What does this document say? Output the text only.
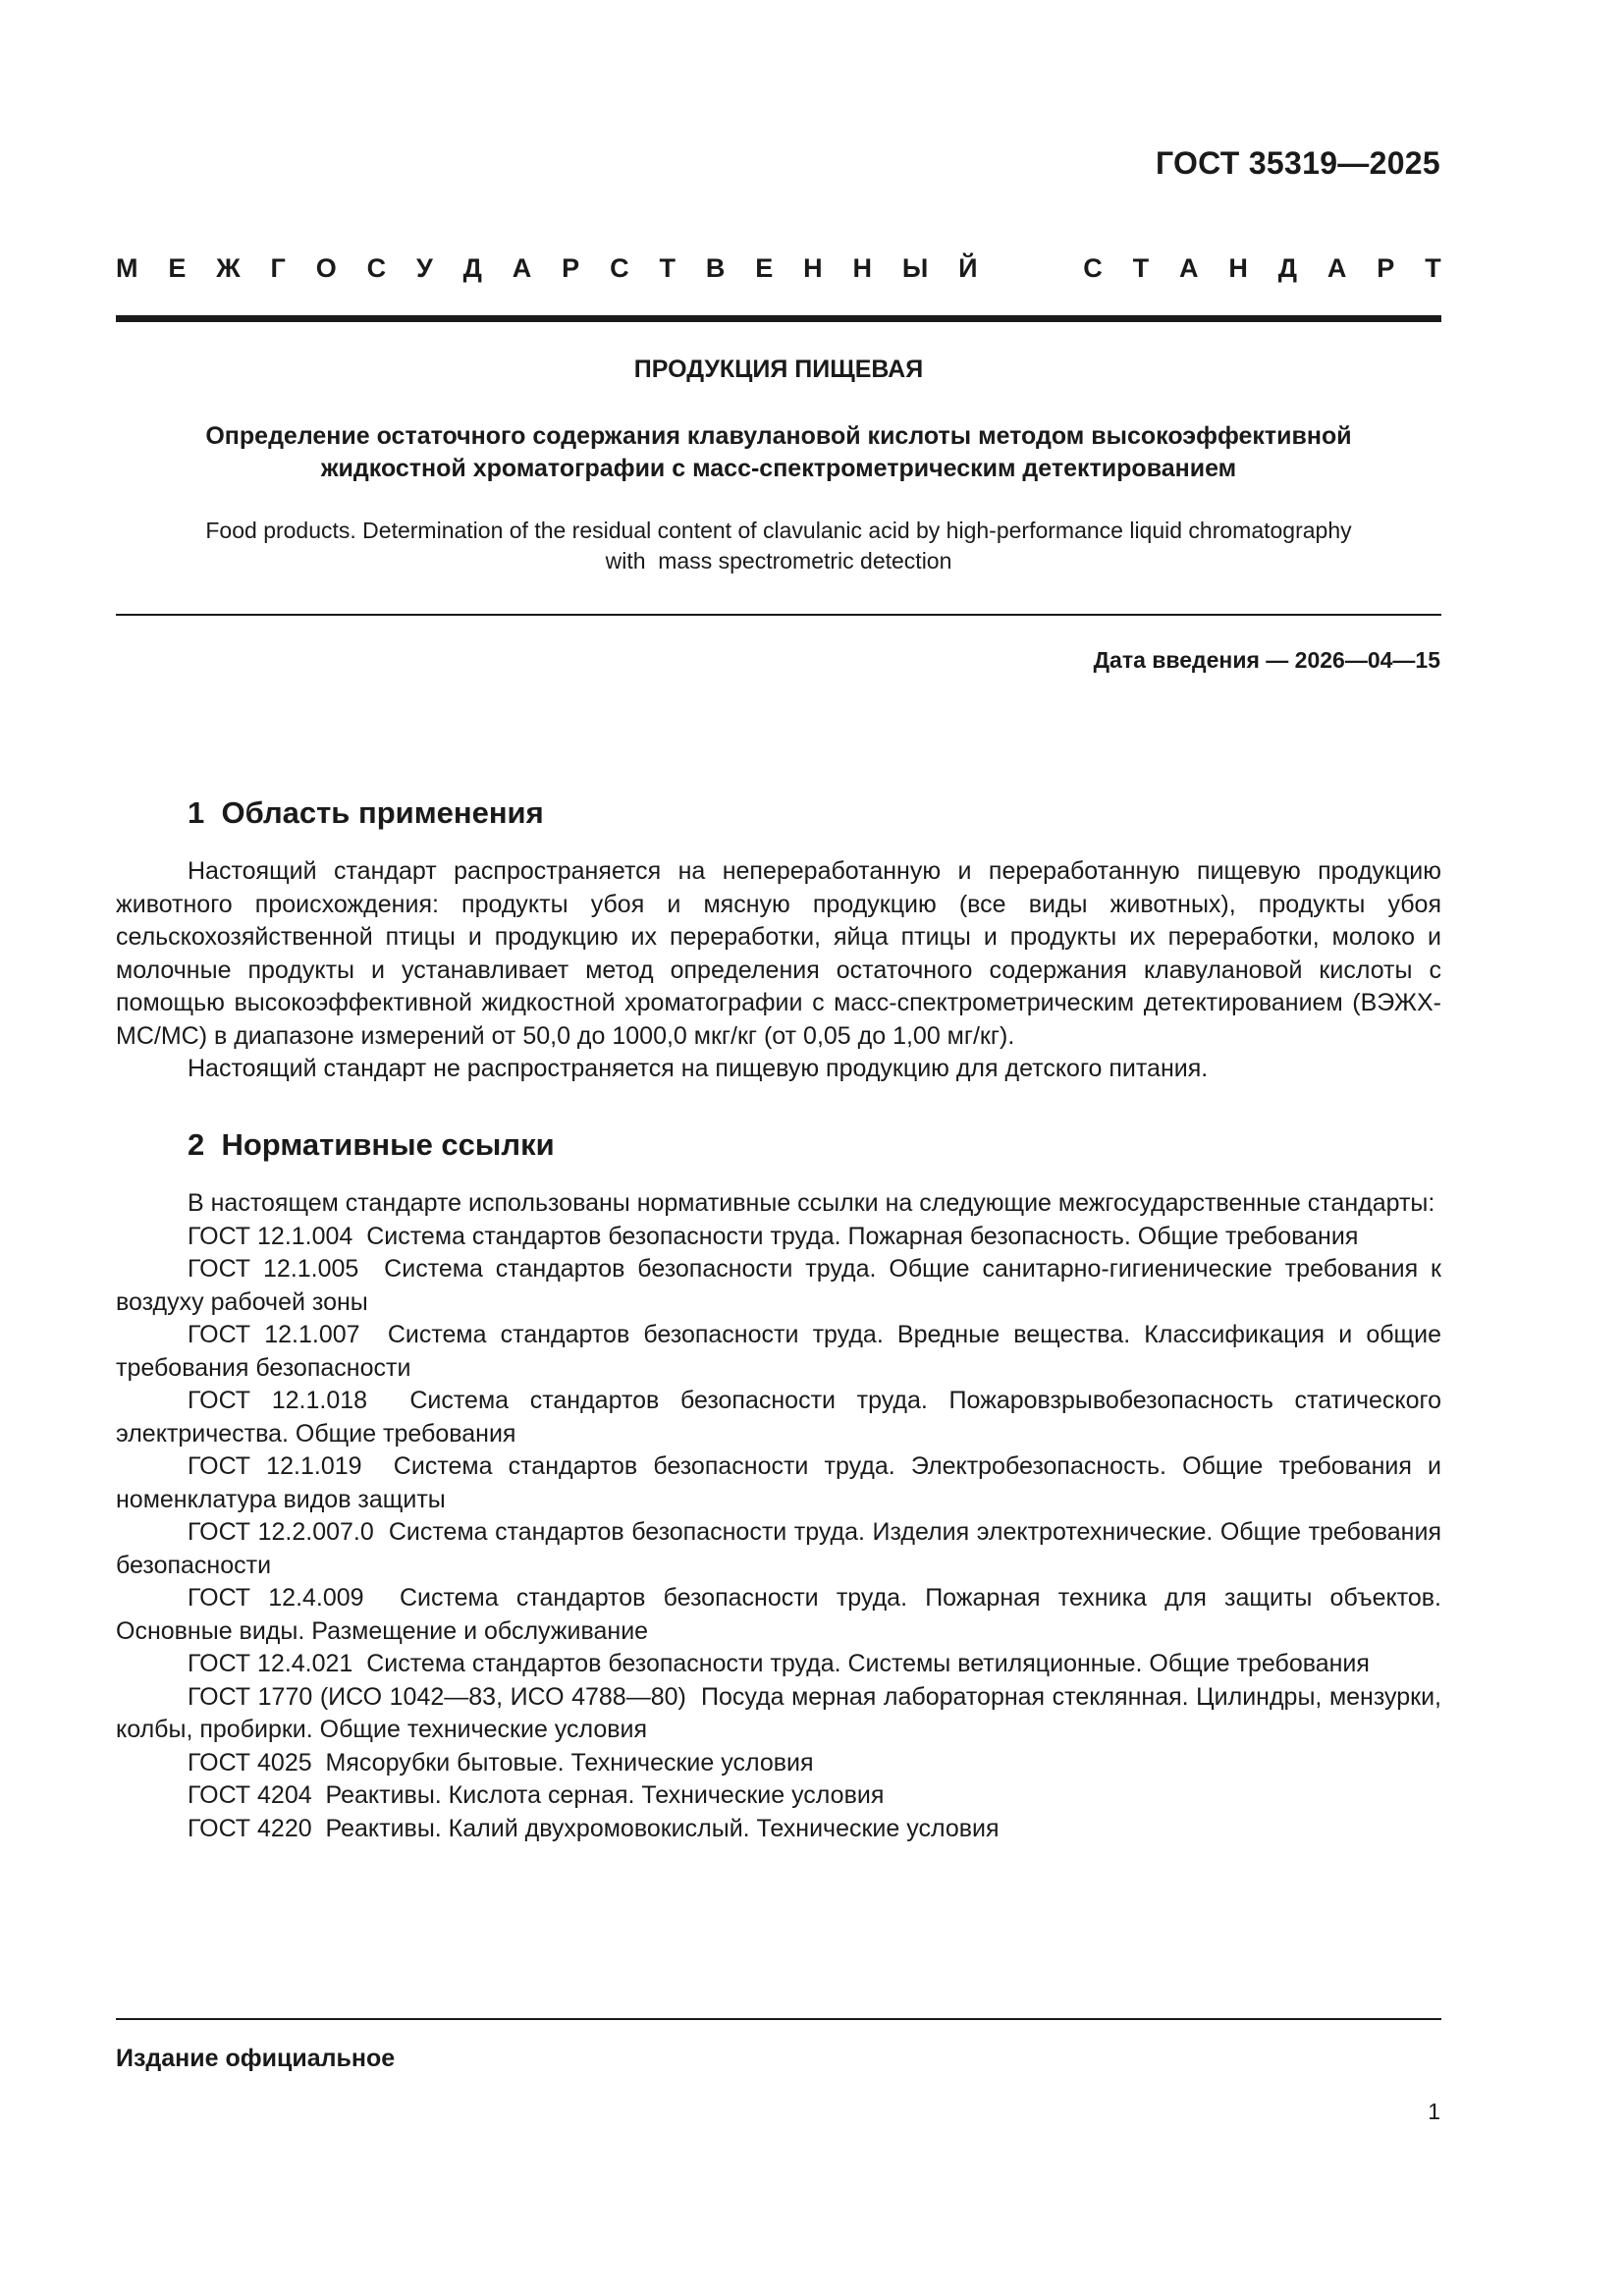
ГОСТ 35319—2025
М Е Ж Г О С У Д А Р С Т В Е Н Н Ы Й	С Т А Н Д А Р Т
ПРОДУКЦИЯ ПИЩЕВАЯ
Определение остаточного содержания клавулановой кислоты методом высокоэффективной
жидкостной хроматографии с масс-спектрометрическим детектированием
Food products. Determination of the residual content of clavulanic acid by high-performance liquid chromatography
with  mass spectrometric detection
Дата введения — 2026—04—15
1  Область применения

Настоящий стандарт распространяется на непереработанную и переработанную пищевую продукцию животного происхождения: продукты убоя и мясную продукцию (все виды животных), продукты убоя сельскохозяйственной птицы и продукцию их переработки, яйца птицы и продукты их переработки, молоко и молочные продукты и устанавливает метод определения остаточного содержания клавулановой кислоты с помощью высокоэффективной жидкостной хроматографии с масс-спектрометрическим детектированием (ВЭЖХ-МС/МС) в диапазоне измерений от 50,0 до 1000,0 мкг/кг (от 0,05 до 1,00 мг/кг).

Настоящий стандарт не распространяется на пищевую продукцию для детского питания.

2  Нормативные ссылки

В настоящем стандарте использованы нормативные ссылки на следующие межгосударственные стандарты:

ГОСТ 12.1.004  Система стандартов безопасности труда. Пожарная безопасность. Общие требования

ГОСТ 12.1.005  Система стандартов безопасности труда. Общие санитарно-гигиенические требования к воздуху рабочей зоны

ГОСТ 12.1.007  Система стандартов безопасности труда. Вредные вещества. Классификация и общие требования безопасности

ГОСТ 12.1.018  Система стандартов безопасности труда. Пожаровзрывобезопасность статического электричества. Общие требования

ГОСТ 12.1.019  Система стандартов безопасности труда. Электробезопасность. Общие требования и номенклатура видов защиты

ГОСТ 12.2.007.0  Система стандартов безопасности труда. Изделия электротехнические. Общие требования безопасности

ГОСТ 12.4.009  Система стандартов безопасности труда. Пожарная техника для защиты объектов. Основные виды. Размещение и обслуживание

ГОСТ 12.4.021  Система стандартов безопасности труда. Системы ветиляционные. Общие требования

ГОСТ 1770 (ИСО 1042—83, ИСО 4788—80)  Посуда мерная лабораторная стеклянная. Цилиндры, мензурки, колбы, пробирки. Общие технические условия

ГОСТ 4025  Мясорубки бытовые. Технические условия

ГОСТ 4204  Реактивы. Кислота серная. Технические условия

ГОСТ 4220  Реактивы. Калий двухромовокислый. Технические условия

Издание официальное
1
